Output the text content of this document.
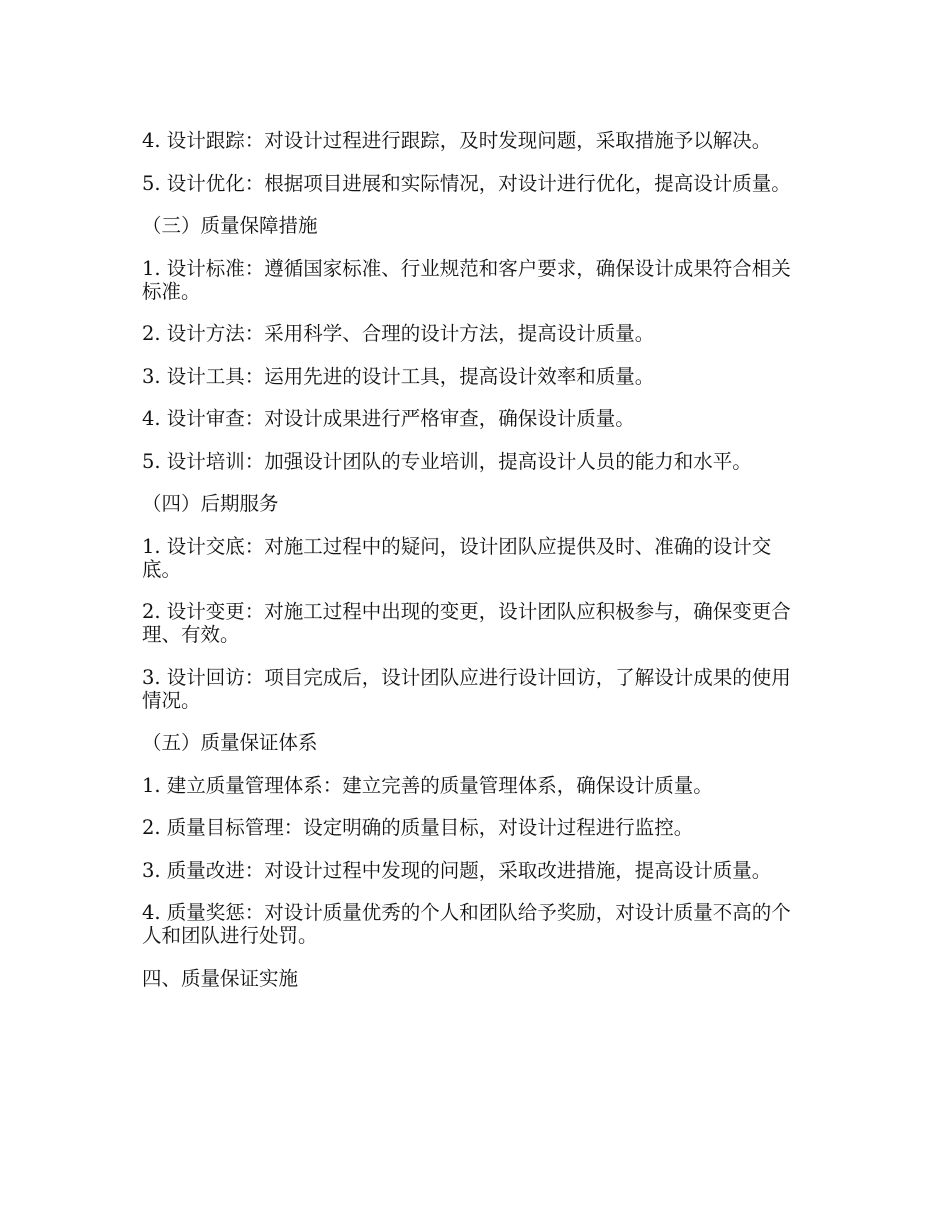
4. 设计跟踪：对设计过程进行跟踪，及时发现问题，采取措施予以解决。

5. 设计优化：根据项目进展和实际情况，对设计进行优化，提高设计质量。

（三）质量保障措施

1. 设计标准：遵循国家标准、行业规范和客户要求，确保设计成果符合相关标准。

2. 设计方法：采用科学、合理的设计方法，提高设计质量。

3. 设计工具：运用先进的设计工具，提高设计效率和质量。

4. 设计审查：对设计成果进行严格审查，确保设计质量。

5. 设计培训：加强设计团队的专业培训，提高设计人员的能力和水平。

（四）后期服务

1. 设计交底：对施工过程中的疑问，设计团队应提供及时、准确的设计交底。

2. 设计变更：对施工过程中出现的变更，设计团队应积极参与，确保变更合理、有效。

3. 设计回访：项目完成后，设计团队应进行设计回访，了解设计成果的使用情况。

（五）质量保证体系

1. 建立质量管理体系：建立完善的质量管理体系，确保设计质量。

2. 质量目标管理：设定明确的质量目标，对设计过程进行监控。

3. 质量改进：对设计过程中发现的问题，采取改进措施，提高设计质量。

4. 质量奖惩：对设计质量优秀的个人和团队给予奖励，对设计质量不高的个人和团队进行处罚。

四、质量保证实施
